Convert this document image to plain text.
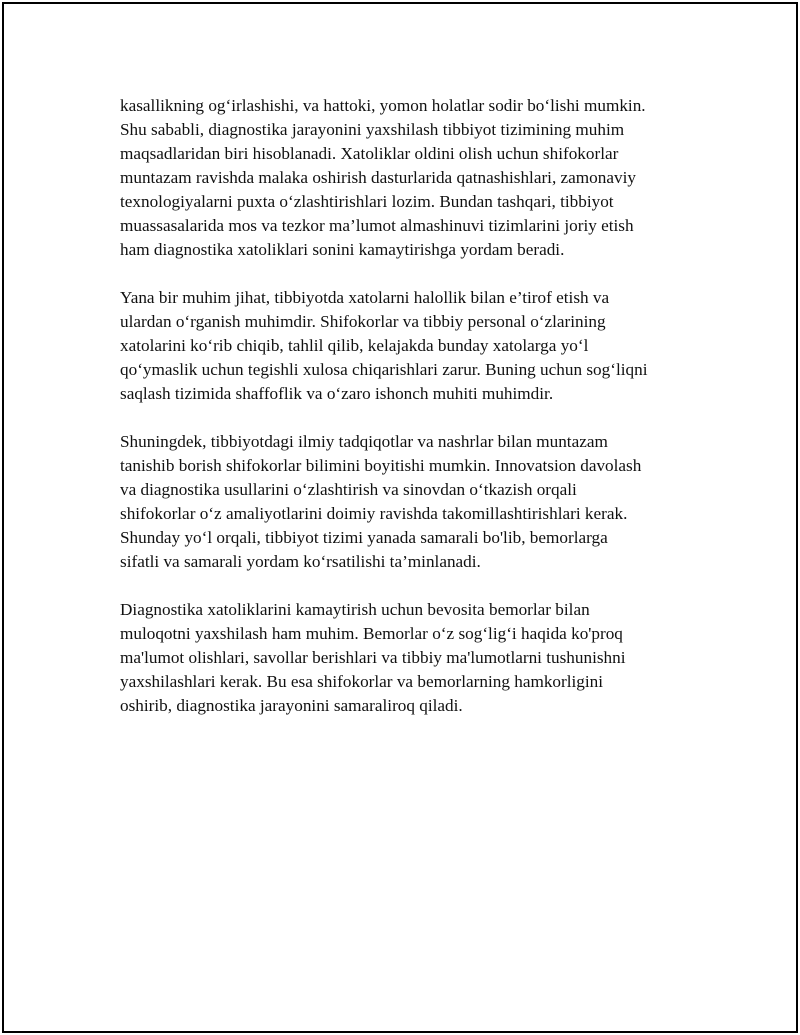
kasallikning og‘irlashishi, va hattoki, yomon holatlar sodir bo‘lishi mumkin.
Shu sababli, diagnostika jarayonini yaxshilash tibbiyot tizimining muhim
maqsadlaridan biri hisoblanadi. Xatoliklar oldini olish uchun shifokorlar
muntazam ravishda malaka oshirish dasturlarida qatnashishlari, zamonaviy
texnologiyalarni puxta o‘zlashtirishlari lozim. Bundan tashqari, tibbiyot
muassasalarida mos va tezkor ma’lumot almashinuvi tizimlarini joriy etish
ham diagnostika xatoliklari sonini kamaytirishga yordam beradi.

Yana bir muhim jihat, tibbiyotda xatolarni halollik bilan e’tirof etish va
ulardan o‘rganish muhimdir. Shifokorlar va tibbiy personal o‘zlarining
xatolarini ko‘rib chiqib, tahlil qilib, kelajakda bunday xatolarga yo‘l
qo‘ymaslik uchun tegishli xulosa chiqarishlari zarur. Buning uchun sog‘liqni
saqlash tizimida shaffoflik va o‘zaro ishonch muhiti muhimdir.

Shuningdek, tibbiyotdagi ilmiy tadqiqotlar va nashrlar bilan muntazam
tanishib borish shifokorlar bilimini boyitishi mumkin. Innovatsion davolash
va diagnostika usullarini o‘zlashtirish va sinovdan o‘tkazish orqali
shifokorlar o‘z amaliyotlarini doimiy ravishda takomillashtirishlari kerak.
Shunday yo‘l orqali, tibbiyot tizimi yanada samarali bo'lib, bemorlarga
sifatli va samarali yordam ko‘rsatilishi ta’minlanadi.

Diagnostika xatoliklarini kamaytirish uchun bevosita bemorlar bilan
muloqotni yaxshilash ham muhim. Bemorlar o‘z sog‘lig‘i haqida ko'proq
ma'lumot olishlari, savollar berishlari va tibbiy ma'lumotlarni tushunishni
yaxshilashlari kerak. Bu esa shifokorlar va bemorlarning hamkorligini
oshirib, diagnostika jarayonini samaraliroq qiladi.
